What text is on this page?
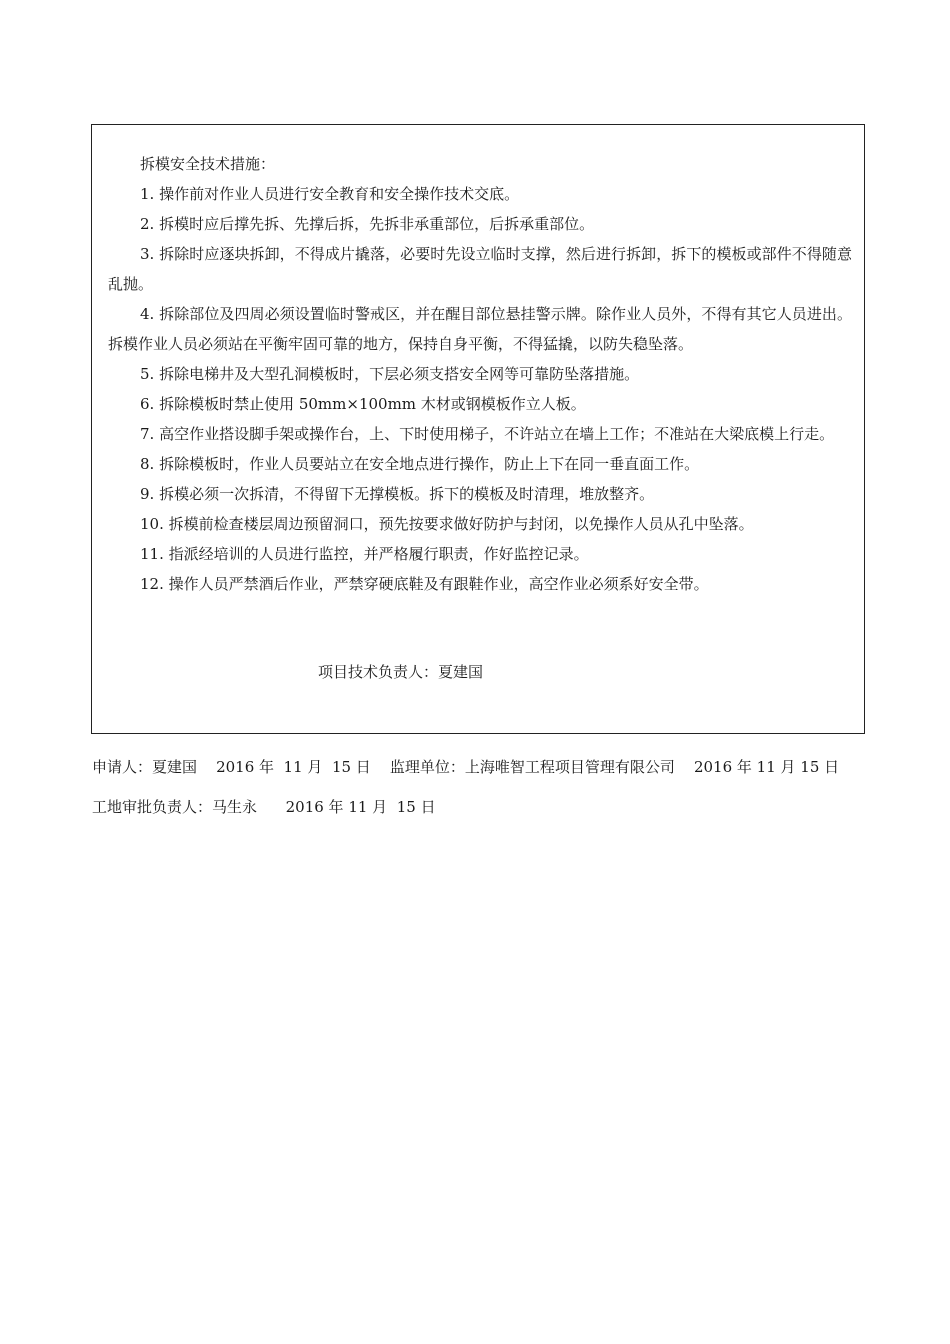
拆模安全技术措施：

1. 操作前对作业人员进行安全教育和安全操作技术交底。

2. 拆模时应后撑先拆、先撑后拆，先拆非承重部位，后拆承重部位。

3. 拆除时应逐块拆卸，不得成片撬落，必要时先设立临时支撑，然后进行拆卸，拆下的模板或部件不得随意乱抛。

4. 拆除部位及四周必须设置临时警戒区，并在醒目部位悬挂警示牌。除作业人员外，不得有其它人员进出。拆模作业人员必须站在平衡牢固可靠的地方，保持自身平衡，不得猛撬，以防失稳坠落。

5. 拆除电梯井及大型孔洞模板时，下层必须支搭安全网等可靠防坠落措施。

6. 拆除模板时禁止使用 50mm×100mm 木材或钢模板作立人板。

7. 高空作业搭设脚手架或操作台，上、下时使用梯子，不许站立在墙上工作；不准站在大梁底模上行走。

8. 拆除模板时，作业人员要站立在安全地点进行操作，防止上下在同一垂直面工作。

9. 拆模必须一次拆清，不得留下无撑模板。拆下的模板及时清理，堆放整齐。

10. 拆模前检查楼层周边预留洞口，预先按要求做好防护与封闭，以免操作人员从孔中坠落。

11. 指派经培训的人员进行监控，并严格履行职责，作好监控记录。

12. 操作人员严禁酒后作业，严禁穿硬底鞋及有跟鞋作业，高空作业必须系好安全带。

项目技术负责人：夏建国
申请人：夏建国    2016 年  11 月  15 日    监理单位：上海唯智工程项目管理有限公司    2016 年 11 月 15 日
工地审批负责人：马生永      2016 年 11 月  15 日
